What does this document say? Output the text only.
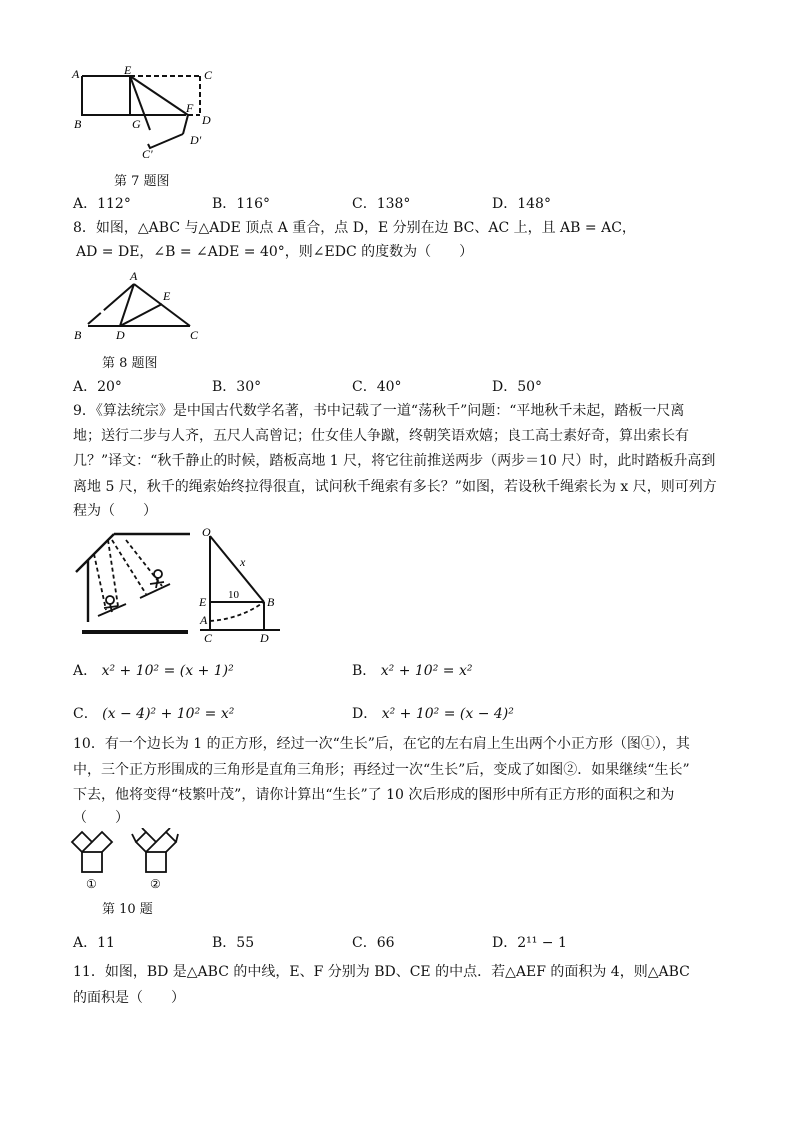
A	E	C
B	G
F
D
D'
C'
第 7 题图
A．112°	B．116°	C．138°	D．148°
8．如图，△ABC 与△ADE 顶点 A 重合，点 D，E 分别在边 BC、AC 上，且 AB = AC，
AD = DE，∠B = ∠ADE = 40°，则∠EDC 的度数为（　　）
A
E
B	D	C
第 8 题图
A．20°	B．30°	C．40°	D．50°
9．《算法统宗》是中国古代数学名著，书中记载了一道“荡秋千”问题：“平地秋千未起，踏板一尺离
地；送行二步与人齐，五尺人高曾记；仕女佳人争蹴，终朝笑语欢嬉；良工高士素好奇，算出索长有
几？”译文：“秋千静止的时候，踏板高地 1 尺，将它往前推送两步（两步＝10 尺）时，此时踏板升高到
离地 5 尺，秋千的绳索始终拉得很直，试问秋千绳索有多长？”如图，若设秋千绳索长为 x 尺，则可列方
程为（　　）
O
x
10
E	B
A
C	D
A． x² + 10² = (x + 1)²	B． x² + 10² = x²
C． (x − 4)² + 10² = x²	D． x² + 10² = (x − 4)²
10．有一个边长为 1 的正方形，经过一次“生长”后，在它的左右肩上生出两个小正方形（图①），其
中，三个正方形围成的三角形是直角三角形；再经过一次“生长”后，变成了如图②．如果继续“生长”
下去，他将变得“枝繁叶茂”，请你计算出“生长”了 10 次后形成的图形中所有正方形的面积之和为
（　　）
①	②
第 10 题
A．11	B．55	C．66	D．2¹¹ − 1
11．如图，BD 是△ABC 的中线，E、F 分别为 BD、CE 的中点．若△AEF 的面积为 4，则△ABC
的面积是（　　）
